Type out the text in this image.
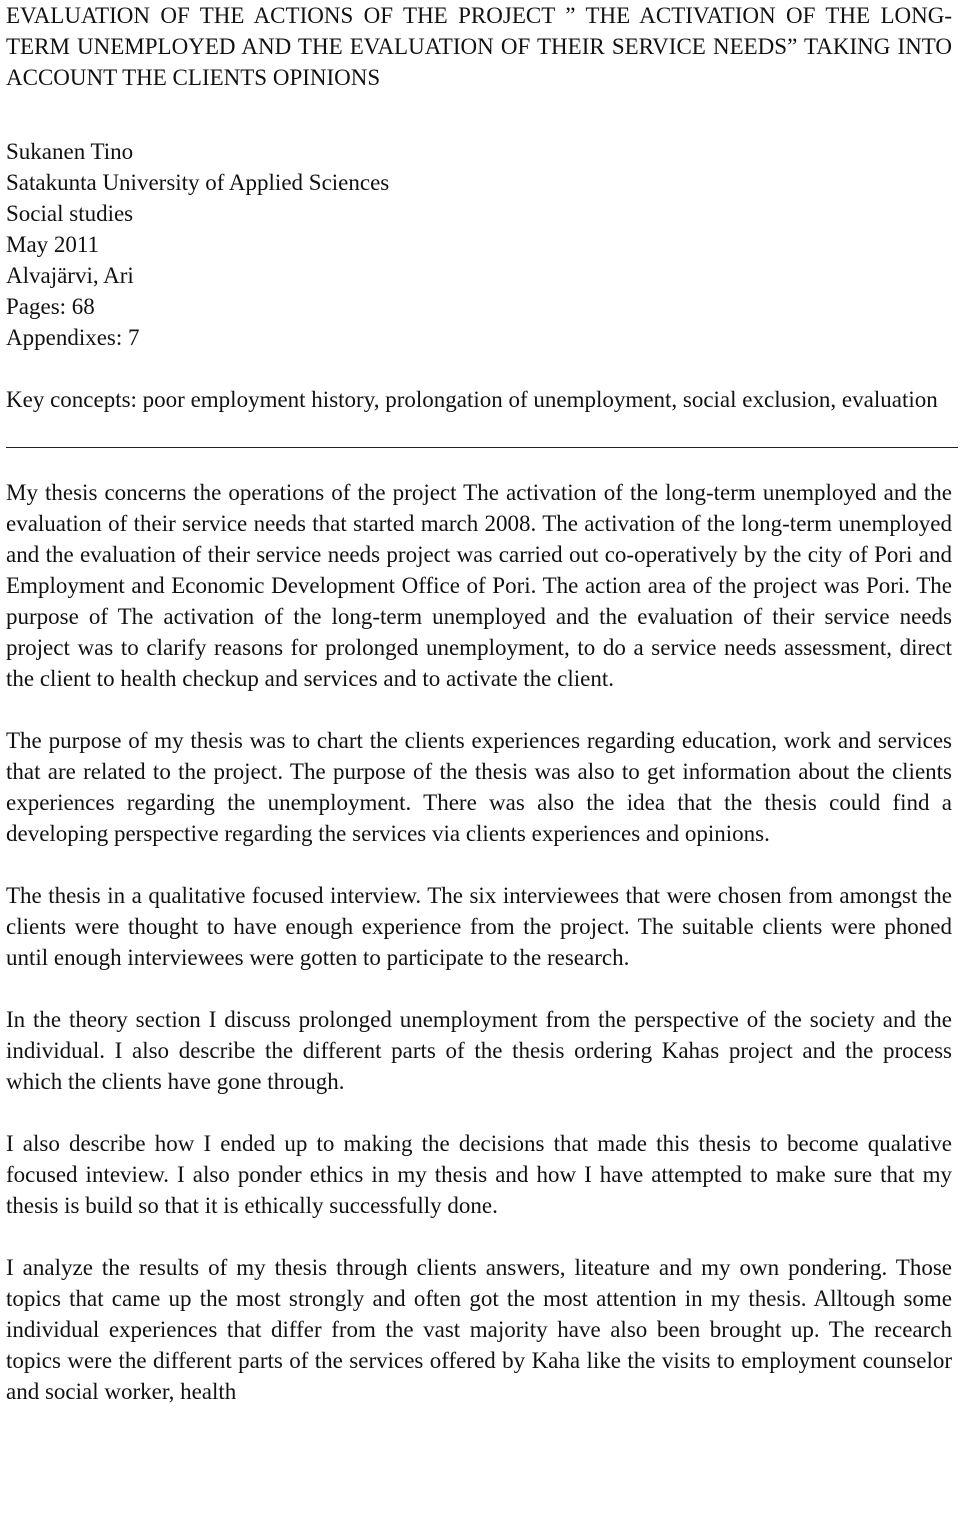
EVALUATION OF THE ACTIONS OF THE PROJECT ” THE ACTIVATION OF THE LONG-TERM UNEMPLOYED AND THE EVALUATION OF THEIR SERVICE NEEDS” TAKING INTO ACCOUNT THE CLIENTS OPINIONS
Sukanen Tino
Satakunta University of Applied Sciences
Social studies
May 2011
Alvajärvi, Ari
Pages: 68
Appendixes: 7
Key concepts: poor employment history, prolongation of unemployment, social exclusion, evaluation

My thesis concerns the operations of the project The activation of the long-term unemployed and the evaluation of their service needs that started march 2008. The activation of the long-term unemployed and the evaluation of their service needs project was carried out co-operatively by the city of Pori and Employment and Economic Development Office of Pori. The action area of the project was Pori. The purpose of The activation of the long-term unemployed and the evaluation of their service needs project was to clarify reasons for prolonged unemployment, to do a service needs assessment, direct the client to health checkup and services and to activate the client.

The purpose of my thesis was to chart the clients experiences regarding education, work and services that are related to the project. The purpose of the thesis was also to get information about the clients experiences regarding the unemployment. There was also the idea that the thesis could find a developing perspective regarding the services via clients experiences and opinions.

The thesis in a qualitative focused interview. The six interviewees that were chosen from amongst the clients were thought to have enough experience from the project. The suitable clients were phoned until enough interviewees were gotten to participate to the research.

In the theory section I discuss prolonged unemployment from the perspective of the society and the individual. I also describe the different parts of the thesis ordering Kahas project and the process which the clients have gone through.

I also describe how I ended up to making the decisions that made this thesis to become qualative focused inteview. I also ponder ethics in my thesis and how I have attempted to make sure that my thesis is build so that it is ethically successfully done.

I analyze the results of my thesis through clients answers, liteature and my own pondering. Those topics that came up the most strongly and often got the most attention in my thesis. Alltough some individual experiences that differ from the vast majority have also been brought up. The recearch topics were the different parts of the services offered by Kaha like the visits to employment counselor and social worker, health
